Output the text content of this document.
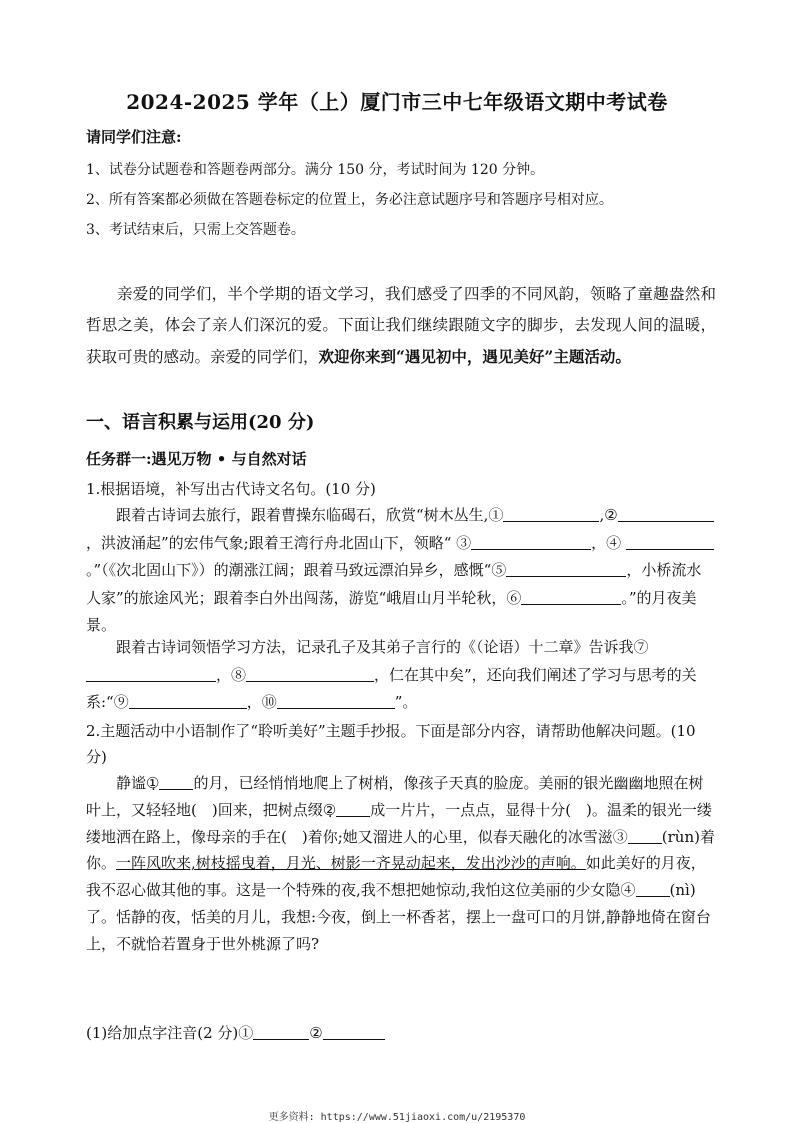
2024-2025 学年（上）厦门市三中七年级语文期中考试卷
请同学们注意:
1、试卷分试题卷和答题卷两部分。满分 150 分，考试时间为 120 分钟。
2、所有答案都必须做在答题卷标定的位置上，务必注意试题序号和答题序号相对应。
3、考试结束后，只需上交答题卷。
亲爱的同学们，半个学期的语文学习，我们感受了四季的不同风韵，领略了童趣盎然和哲思之美，体会了亲人们深沉的爱。下面让我们继续跟随文字的脚步，去发现人间的温暖，获取可贵的感动。亲爱的同学们，欢迎你来到“遇见初中，遇见美好”主题活动。
一、语言积累与运用(20 分)
任务群一:遇见万物 • 与自然对话
1.根据语境，补写出古代诗文名句。(10 分)
跟着古诗词去旅行，跟着曹操东临碣石，欣赏“树木丛生,①	,②，洪波涌起”的宏伟气象;跟着王湾行舟北固山下，领略“ ③	，④ 。”（《次北固山下》）的潮涨江阔；跟着马致远漂泊异乡，感慨“⑤	，小桥流水人家”的旅途风光；跟着李白外出闯荡，游览“峨眉山月半轮秋，⑥	。”的月夜美景。
跟着古诗词领悟学习方法，记录孔子及其弟子言行的《（论语）十二章》告诉我⑦，⑧	，仁在其中矣”，还向我们阐述了学习与思考的关系:“⑨	，⑩	”。
2.主题活动中小语制作了“聆听美好”主题手抄报。下面是部分内容，请帮助他解决问题。(10 分)
静谧① 的月，已经悄悄地爬上了树梢，像孩子天真的脸庞。美丽的银光幽幽地照在树叶上，又轻轻地(　)回来，把树点缀② 成一片片，一点点，显得十分(　)。温柔的银光一缕缕地洒在路上，像母亲的手在(　)着你;她又溜进人的心里，似春天融化的冰雪滋③ (rùn)着你。一阵风吹来,树枝摇曳着，月光、树影一齐晃动起来，发出沙沙的声响。如此美好的月夜，我不忍心做其他的事。这是一个特殊的夜,我不想把她惊动,我怕这位美丽的少女隐④ (nì)了。恬静的夜，恬美的月儿，我想:今夜，倒上一杯香茗，摆上一盘可口的月饼,静静地倚在窗台上，不就恰若置身于世外桃源了吗?
(1)给加点字注音(2 分)①	②
更多资料: https://www.51jiaoxi.com/u/2195370
